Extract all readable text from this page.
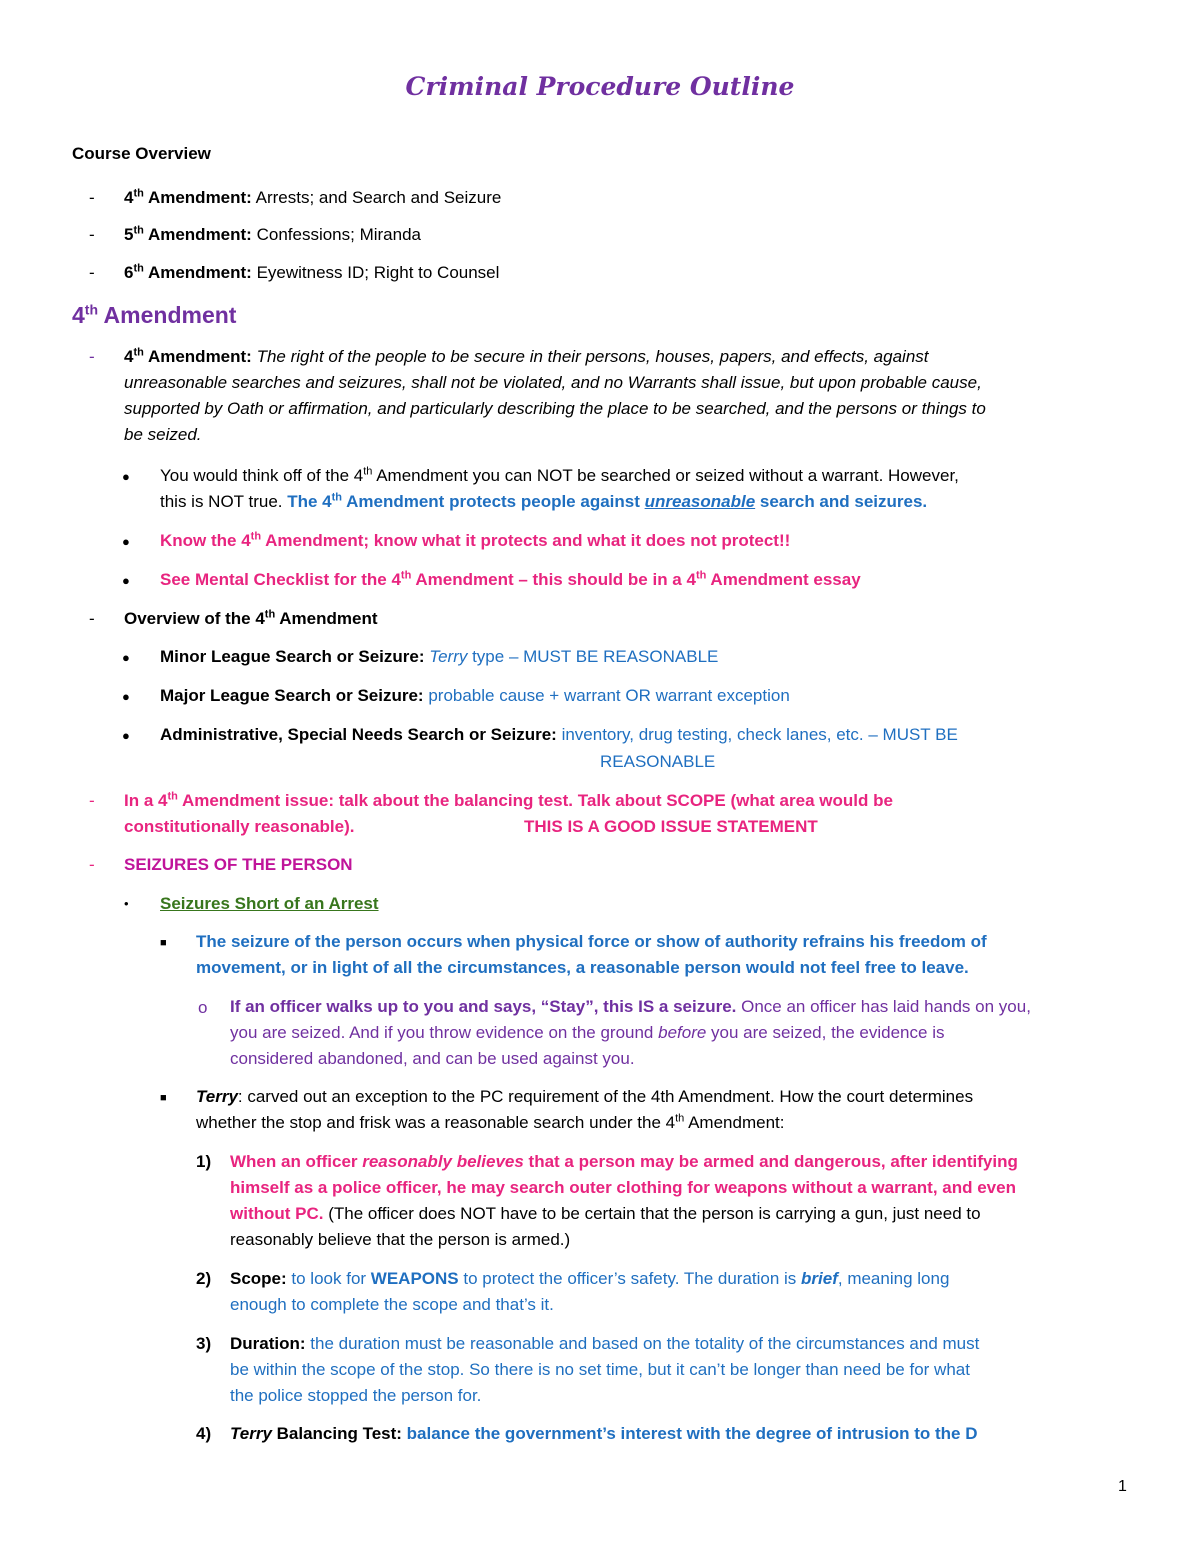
Criminal Procedure Outline
Course Overview
- 4th Amendment: Arrests; and Search and Seizure
- 5th Amendment: Confessions; Miranda
- 6th Amendment: Eyewitness ID; Right to Counsel
4th Amendment
- 4th Amendment: The right of the people to be secure in their persons, houses, papers, and effects, against
unreasonable searches and seizures, shall not be violated, and no Warrants shall issue, but upon probable cause,
supported by Oath or affirmation, and particularly describing the place to be searched, and the persons or things to
be seized.
● You would think off of the 4th Amendment you can NOT be searched or seized without a warrant. However,
this is NOT true. The 4th Amendment protects people against unreasonable search and seizures.
● Know the 4th Amendment; know what it protects and what it does not protect!!
● See Mental Checklist for the 4th Amendment – this should be in a 4th Amendment essay
- Overview of the 4th Amendment
● Minor League Search or Seizure: Terry type – MUST BE REASONABLE
● Major League Search or Seizure: probable cause + warrant OR warrant exception
● Administrative, Special Needs Search or Seizure: inventory, drug testing, check lanes, etc. – MUST BE
REASONABLE
- In a 4th Amendment issue: talk about the balancing test. Talk about SCOPE (what area would be
constitutionally reasonable).	THIS IS A GOOD ISSUE STATEMENT
- SEIZURES OF THE PERSON
• Seizures Short of an Arrest
■ The seizure of the person occurs when physical force or show of authority refrains his freedom of
movement, or in light of all the circumstances, a reasonable person would not feel free to leave.
o If an officer walks up to you and says, “Stay”, this IS a seizure. Once an officer has laid hands on you,
you are seized. And if you throw evidence on the ground before you are seized, the evidence is
considered abandoned, and can be used against you.
■ Terry: carved out an exception to the PC requirement of the 4th Amendment. How the court determines
whether the stop and frisk was a reasonable search under the 4th Amendment:
1) When an officer reasonably believes that a person may be armed and dangerous, after identifying
himself as a police officer, he may search outer clothing for weapons without a warrant, and even
without PC. (The officer does NOT have to be certain that the person is carrying a gun, just need to
reasonably believe that the person is armed.)
2) Scope: to look for WEAPONS to protect the officer’s safety. The duration is brief, meaning long
enough to complete the scope and that’s it.
3) Duration: the duration must be reasonable and based on the totality of the circumstances and must
be within the scope of the stop. So there is no set time, but it can’t be longer than need be for what
the police stopped the person for.
4) Terry Balancing Test: balance the government’s interest with the degree of intrusion to the D
1
